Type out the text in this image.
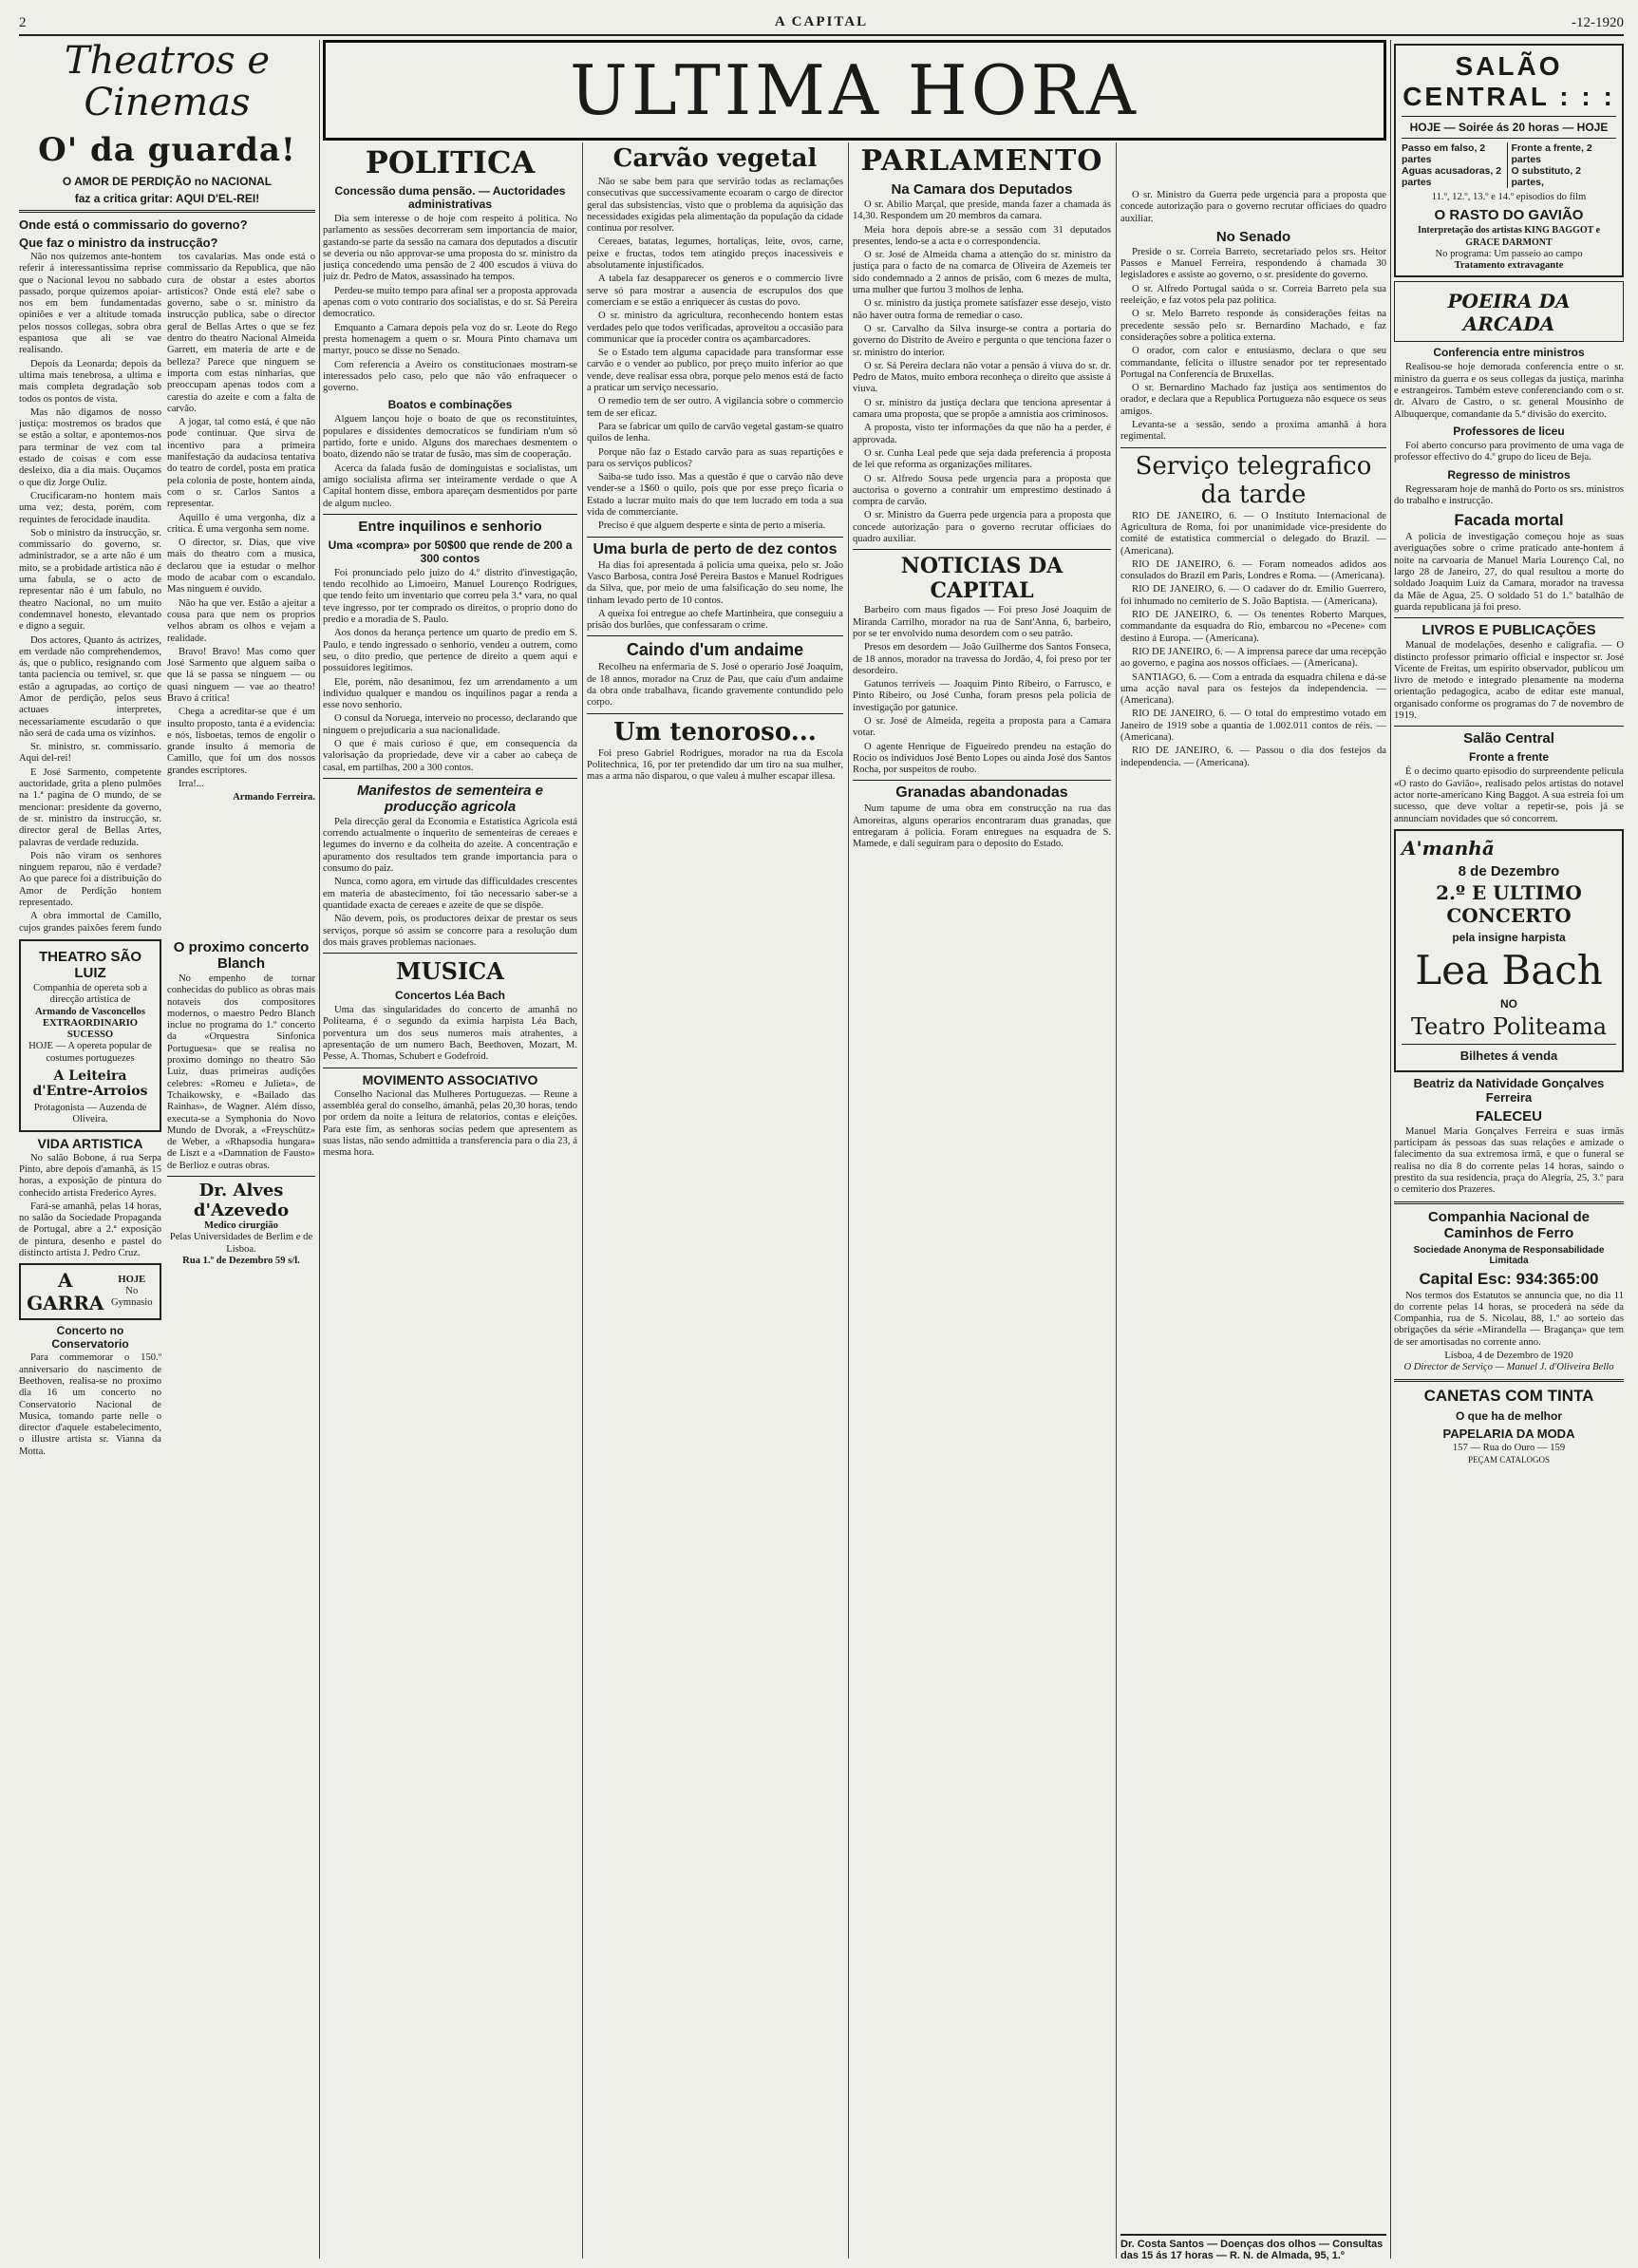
2	A CAPITAL	-12-1920
Theatros e Cinemas
O' da guarda!
O AMOR DE PERDIÇÃO no NACIONAL
faz a critica gritar: AQUI D'EL-REI!
Onde está o commissario do governo?
Que faz o ministro da instrucção?

Não nos quizemos ante-hontem referir á interessantissima reprise que o Nacional levou no sabbado passado, porque quizemos apoiar-nos em bem fundamentadas opiniões e ver a altitude tomada pelos nossos collegas, sobra obra espantosa que ali se vae realisando.

Depois da Leonarda; depois da ultima mais tenebrosa, a ultima e mais completa degradação sob todos os pontos de vista.

Mas não digamos de nosso justiça: mostremos os brados que se estão a soltar, e apontemos-nos para terminar de vez com tal estado de coisas e com esse desleixo, dia a dia mais. Ouçamos o que diz Jorge Ouliz.

Crucificaram-no hontem mais uma vez; desta, porém, com requintes de ferocidade inaudita.

Sob o ministro da instrucção, sr. commissario do governo, sr. administrador, se a arte não é um mito, se a probidade artistica não é uma fabula, se o acto de representar não é um fabulo, no theatro Nacional, no um muito condemnavel honesto, elevantado e digno a seguir.

Dos actores, Quanto ás actrizes, em verdade não comprehendemos, ás, que o publico, resignando com tanta paciencia ou temivel, sr. que estão a agrupadas, ao cortiço de Amor de perdição, pelos seus actuaes interpretes, necessariamente escudarão o que não será de cada uma os vizinhos.

Sr. ministro, sr. commissario. Aqui del-rei!

E José Sarmento, competente auctoridade, grita a pleno pulmões na 1.ª pagina de O mundo, de se mencionar: presidente da governo, de sr. ministro da instrucção, sr. director geral de Bellas Artes, palavras de verdade reduzida.

Pois não viram os senhores ninguem reparou, não é verdade? Ao que parece foi a distribuição do Amor de Perdição hontem representado.

A obra immortal de Camillo, cujos grandes paixões ferem fundo

tos cavalarias. Mas onde está o commissario da Republica, que não cura de obstar a estes abortos artisticos? Onde está ele? sabe o governo, sabe o sr. ministro da instrucção publica, sabe o director geral de Bellas Artes o que se fez dentro do theatro Nacional Almeida Garrett, em materia de arte e de belleza? Parece que ninguem se importa com estas ninharias, que preoccupam apenas todos com a carestia do azeite e com a falta de carvão.

A jogar, tal como está, é que não pode continuar. Que sirva de incentivo para a primeira manifestação da audaciosa tentativa do teatro de cordel, posta em pratica pela colonia de poste, hontem ainda, com o sr. Carlos Santos a representar.

Aquillo é uma vergonha, diz a critica. É uma vergonha sem nome.

O director, sr. Dias, que vive mais do theatro com a musica, declarou que ia estudar o melhor modo de acabar com o escandalo. Mas ninguem é ouvido.

Não ha que ver. Estão a ajeitar a cousa para que nem os proprios velhos abram os olhos e vejam a realidade.

Bravo! Bravo! Mas como quer José Sarmento que alguem saiba o que lá se passa se ninguem — ou quasi ninguem — vae ao theatro! Bravo á critica!

Chega a acreditar-se que é um insulto proposto, tanta é a evidencia: e nós, lisboetas, temos de engolir o grande insulto á memoria de Camillo, que foi um dos nossos grandes escriptores.

Irra!...

Armando Ferreira.

THEATRO SÃO LUIZ
Companhia de opereta sob a direcção artistica de
Armando de Vasconcellos
EXTRAORDINARIO SUCESSO
HOJE — A opereta popular de costumes portuguezes
A Leiteira d'Entre-Arroios
Protagonista — Auzenda de Oliveira.
VIDA ARTISTICA

No salão Bobone, á rua Serpa Pinto, abre depois d'amanhã, ás 15 horas, a exposição de pintura do conhecido artista Frederico Ayres.

Fará-se amanhã, pelas 14 horas, no salão da Sociedade Propaganda de Portugal, abre a 2.ª exposição de pintura, desenho e pastel do distincto artista J. Pedro Cruz.

A GARRA
HOJE
No Gymnasio
Concerto no Conservatorio

Para commemorar o 150.º anniversario do nascimento de Beethoven, realisa-se no proximo dia 16 um concerto no Conservatorio Nacional de Musica, tomando parte nelle o director d'aquele estabelecimento, o illustre artista sr. Vianna da Motta.

O proximo concerto Blanch

No empenho de tornar conhecidas do publico as obras mais notaveis dos compositores modernos, o maestro Pedro Blanch inclue no programa do 1.º concerto da «Orquestra Sinfonica Portuguesa» que se realisa no proximo domingo no theatro São Luiz, duas primeiras audições celebres: «Romeu e Julieta», de Tchaikowsky, e «Bailado das Rainhas», de Wagner. Além disso, executa-se a Symphonia do Novo Mundo de Dvorak, a «Freyschütz» de Weber, a «Rhapsodia hungara» de Liszt e a «Damnation de Fausto» de Berlioz e outras obras.

Dr. Alves d'Azevedo
Medico cirurgião
Pelas Universidades de Berlim e de Lisboa.
Rua 1.º de Dezembro 59 s/l.
ULTIMA HORA
POLITICA
Concessão duma pensão. — Auctoridades administrativas

Dia sem interesse o de hoje com respeito á politica. No parlamento as sessões decorreram sem importancia de maior, gastando-se parte da sessão na camara dos deputados a discutir se deveria ou não approvar-se uma proposta do sr. ministro da justiça concedendo uma pensão de 2 400 escudos á viuva do juiz dr. Pedro de Matos, assassinado ha tempos.

Perdeu-se muito tempo para afinal ser a proposta approvada apenas com o voto contrario dos socialistas, e do sr. Sá Pereira democratico.

Emquanto a Camara depois pela voz do sr. Leote do Rego presta homenagem a quem o sr. Moura Pinto chamava um martyr, pouco se disse no Senado.

Com referencia a Aveiro os constitucionaes mostram-se interessados pelo caso, pelo que não vão enfraquecer o governo.

Boatos e combinações

Alguem lançou hoje o boato de que os reconstituintes, populares e dissidentes democraticos se fundiriam n'um só partido, forte e unido. Alguns dos marechaes desmentem o boato, dizendo não se tratar de fusão, mas sim de cooperação.

Acerca da falada fusão de dominguistas e socialistas, um amigo socialista afirma ser inteiramente verdade o que A Capital hontem disse, embora apareçam desmentidos por parte de algum nucleo.

Entre inquilinos e senhorio
Uma «compra» por 50$00 que rende de 200 a 300 contos

Foi pronunciado pelo juizo do 4.º distrito d'investigação, tendo recolhido ao Limoeiro, Manuel Lourenço Rodrigues, que tendo feito um inventario que correu pela 3.ª vara, no qual teve ingresso, por ter comprado os direitos, o proprio dono do predio e a moradia de S. Paulo.

Aos donos da herança pertence um quarto de predio em S. Paulo, e tendo ingressado o senhorio, vendeu a outrem, como seu, o dito predio, que pertence de direito a quem aqui e possuidores legitimos.

Ele, porém, não desanimou, fez um arrendamento a um individuo qualquer e mandou os inquilinos pagar a renda a esse novo senhorio.

O consul da Noruega, interveio no processo, declarando que ninguem o prejudicaria a sua nacionalidade.

O que é mais curioso é que, em consequencia da valorisação da propriedade, deve vir a caber ao cabeça de casal, em partilhas, 200 a 300 contos.

Manifestos de sementeira e producção agricola

Pela direcção geral da Economia e Estatistica Agricola está correndo actualmente o inquerito de sementeiras de cereaes e legumes do inverno e da colheita do azeite. A concentração e apuramento dos resultados tem grande importancia para o consumo do paiz.

Nunca, como agora, em virtude das difficuldades crescentes em materia de abastecimento, foi tão necessario saber-se a quantidade exacta de cereaes e azeite de que se dispõe.

Não devem, pois, os productores deixar de prestar os seus serviços, porque só assim se concorre para a resolução dum dos mais graves problemas nacionaes.

MUSICA
Concertos Léa Bach

Uma das singularidades do concerto de amanhã no Politeama, é o segundo da eximia harpista Léa Bach, porventura um dos seus numeros mais atrahentes, a apresentação de um numero Bach, Beethoven, Mozart, M. Pesse, A. Thomas, Schubert e Godefroid.

MOVIMENTO ASSOCIATIVO

Conselho Nacional das Mulheres Portuguezas. — Reune a assembléa geral do conselho, ámanhã, pelas 20,30 horas, tendo por ordem da noite a leitura de relatorios, contas e eleições. Para este fim, as senhoras socias pedem que apresentem as suas listas, não sendo admittida a transferencia para o dia 23, á mesma hora.

Carvão vegetal

Não se sabe bem para que servirão todas as reclamações consecutivas que successivamente ecoaram o cargo de director geral das subsistencias, visto que o problema da aquisição das necessidades exigidas pela alimentação da população da cidade continua por resolver.

Cereaes, batatas, legumes, hortaliças, leite, ovos, carne, peixe e fructas, todos tem atingido preços inacessiveis e absolutamente injustificados.

A tabela faz desapparecer os generos e o commercio livre serve só para mostrar a ausencia de escrupulos dos que comerciam e se estão a enriquecer ás custas do povo.

O sr. ministro da agricultura, reconhecendo hontem estas verdades pelo que todos verificadas, aproveitou a occasião para communicar que ia proceder contra os açambarcadores.

Se o Estado tem alguma capacidade para transformar esse carvão e o vender ao publico, por preço muito inferior ao que vende, deve realisar essa obra, porque pelo menos está de facto a praticar um serviço necessario.

O remedio tem de ser outro. A vigilancia sobre o commercio tem de ser eficaz.

Para se fabricar um quilo de carvão vegetal gastam-se quatro quilos de lenha.

Porque não faz o Estado carvão para as suas repartições e para os serviços publicos?

Saiba-se tudo isso. Mas a questão é que o carvão não deve vender-se a 1$60 o quilo, pois que por esse preço ficaria o Estado a lucrar muito mais do que tem lucrado em toda a sua vida de commerciante.

Preciso é que alguem desperte e sinta de perto a miseria.

Uma burla de perto de dez contos

Ha dias foi apresentada á policia uma queixa, pelo sr. João Vasco Barbosa, contra José Pereira Bastos e Manuel Rodrigues da Silva, que, por meio de uma falsificação do seu nome, lhe tinham levado perto de 10 contos.

A queixa foi entregue ao chefe Martinheira, que conseguiu a prisão dos burlões, que confessaram o crime.

Caindo d'um andaime

Recolheu na enfermaria de S. José o operario José Joaquim, de 18 annos, morador na Cruz de Pau, que caíu d'um andaime da obra onde trabalhava, ficando gravemente contundido pelo corpo.

Um tenoroso...

Foi preso Gabriel Rodrigues, morador na rua da Escola Politechnica, 16, por ter pretendido dar um tiro na sua mulher, mas a arma não disparou, o que valeu á mulher escapar illesa.

PARLAMENTO
Na Camara dos Deputados

O sr. Abilio Marçal, que preside, manda fazer a chamada ás 14,30. Respondem um 20 membros da camara.

Meia hora depois abre-se a sessão com 31 deputados presentes, lendo-se a acta e o correspondencia.

O sr. José de Almeida chama a attenção do sr. ministro da justiça para o facto de na comarca de Oliveira de Azemeis ter sido condemnado a 2 annos de prisão, com 6 mezes de multa, uma mulher que furtou 3 molhos de lenha.

O sr. ministro da justiça promete satisfazer esse desejo, visto não haver outra forma de remediar o caso.

O sr. Carvalho da Silva insurge-se contra a portaria do governo do Distrito de Aveiro e pergunta o que tenciona fazer o sr. ministro do interior.

O sr. Sá Pereira declara não votar a pensão á viuva do sr. dr. Pedro de Matos, muito embora reconheça o direito que assiste á viuva.

O sr. ministro da justiça declara que tenciona apresentar á camara uma proposta, que se propõe a amnistia aos criminosos.

A proposta, visto ter informações da que não ha a perder, é approvada.

O sr. Cunha Leal pede que seja dada preferencia á proposta de lei que reforma as organizações militares.

O sr. Alfredo Sousa pede urgencia para a proposta que auctorisa o governo a contrahir um emprestimo destinado á compra de carvão.

O sr. Ministro da Guerra pede urgencia para a proposta que concede autorização para o governo recrutar officiaes do quadro auxiliar.

NOTICIAS DA CAPITAL

Barbeiro com maus figados — Foi preso José Joaquim de Miranda Carrilho, morador na rua de Sant'Anna, 6, barbeiro, por se ter envolvido numa desordem com o seu patrão.

Presos em desordem — João Guilherme dos Santos Fonseca, de 18 annos, morador na travessa do Jordão, 4, foi preso por ter desordeiro.

Gatunos terriveis — Joaquim Pinto Ribeiro, o Farrusco, e Pinto Ribeiro, ou José Cunha, foram presos pela policia de investigação por gatunice.

O sr. José de Almeida, regeita a proposta para a Camara votar.

O agente Henrique de Figueiredo prendeu na estação do Rocio os individuos José Bento Lopes ou ainda José dos Santos Rocha, por suspeitos de roubo.

Granadas abandonadas

Num tapume de uma obra em construcção na rua das Amoreiras, alguns operarios encontraram duas granadas, que entregaram á policia. Foram entregues na esquadra de S. Mamede, e dali seguiram para o deposito do Estado.

O sr. Ministro da Guerra pede urgencia para a proposta que concede autorização para o governo recrutar officiaes do quadro auxiliar.

No Senado

Preside o sr. Correia Barreto, secretariado pelos srs. Heitor Passos e Manuel Ferreira, respondendo á chamada 30 legisladores e assiste ao governo, o sr. presidente do governo.

O sr. Alfredo Portugal saúda o sr. Correia Barreto pela sua reeleição, e faz votos pela paz politica.

O sr. Melo Barreto responde ás considerações feitas na precedente sessão pelo sr. Bernardino Machado, e faz considerações sobre a politica externa.

O orador, com calor e entusiasmo, declara o que seu commandante, felicita o illustre senador por ter representado Portugal na Conferencia de Bruxellas.

O sr. Bernardino Machado faz justiça aos sentimentos do orador, e declara que a Republica Portugueza não esquece os seus amigos.

Levanta-se a sessão, sendo a proxima amanhã á hora regimental.

Serviço telegrafico da tarde

RIO DE JANEIRO, 6. — O Instituto Internacional de Agricultura de Roma, foi por unanimidade vice-presidente do comité de estatistica commercial o delegado do Brazil. — (Americana).

RIO DE JANEIRO, 6. — Foram nomeados adidos aos consulados do Brazil em Paris, Londres e Roma. — (Americana).

RIO DE JANEIRO, 6. — O cadaver do dr. Emilio Guerrero, foi inhumado no cemiterio de S. João Baptista. — (Americana).

RIO DE JANEIRO, 6. — Os tenentes Roberto Marques, commandante da esquadra do Rio, embarcou no «Pecene» com destino á Europa. — (Americana).

RIO DE JANEIRO, 6. — A imprensa parece dar uma recepção ao governo, e pagina aos nossos officiaes. — (Americana).

SANTIAGO, 6. — Com a entrada da esquadra chilena e dá-se uma acção naval para os festejos da independencia. — (Americana).

RIO DE JANEIRO, 6. — O total do emprestimo votado em Janeiro de 1919 sobe a quantia de 1.002.011 contos de réis. — (Americana).

RIO DE JANEIRO, 6. — Passou o dia dos festejos da independencia. — (Americana).

SALÃO CENTRAL : : :
HOJE — Soirée ás 20 horas — HOJE
Passo em falso, 2 partes
Aguas acusadoras, 2 partes
Fronte a frente, 2 partes
O substituto, 2 partes,
11.º, 12.º, 13.º e 14.º episodios do film
O RASTO DO GAVIÃO
Interpretação dos artistas KING BAGGOT e GRACE DARMONT
No programa: Um passeio ao campo
Tratamento extravagante
POEIRA DA ARCADA
Conferencia entre ministros

Realisou-se hoje demorada conferencia entre o sr. ministro da guerra e os seus collegas da justiça, marinha e estrangeiros. Também esteve conferenciando com o sr. dr. Alvaro de Castro, o sr. general Mousinho de Albuquerque, comandante da 5.ª divisão do exercito.

Professores de liceu

Foi aberto concurso para provimento de uma vaga de professor effectivo do 4.º grupo do liceu de Beja.

Regresso de ministros

Regressaram hoje de manhã do Porto os srs. ministros do trabalho e instrucção.

Facada mortal

A policia de investigação começou hoje as suas averiguações sobre o crime praticado ante-hontem á noite na carvoaria de Manuel Maria Lourenço Cal, no largo 28 de Janeiro, 27, do qual resultou a morte do soldado Joaquim Luiz da Camara, morador na travessa da Mãe de Agua, 25. O soldado 51 do 1.º batalhão de guarda republicana já foi preso.

LIVROS E PUBLICAÇÕES

Manual de modelações, desenho e caligrafia. — O distincto professor primario official e inspector sr. José Vicente de Freitas, um espirito observador, publicou um livro de metodo e integrado plenamente na moderna orientação pedagogica, acabo de editar este manual, organisado conforme os programas do 7 de novembro de 1919.

Salão Central
Fronte a frente

É o decimo quarto episodio do surpreendente pelicula «O rasto do Gavião», realisado pelos artistas do notavel actor norte-americano King Baggot. A sua estreia foi um sucesso, que deve voltar a repetir-se, pois já se annunciam novidades que só concorrem.

A'manhã
8 de Dezembro
2.º E ULTIMO CONCERTO
pela insigne harpista
Lea Bach
NO
Teatro Politeama
Bilhetes á venda
Beatriz da Natividade Gonçalves Ferreira
FALECEU

Manuel Maria Gonçalves Ferreira e suas irmãs participam ás pessoas das suas relações e amizade o falecimento da sua extremosa irmã, e que o funeral se realisa no dia 8 do corrente pelas 14 horas, saindo o prestito da sua residencia, praça do Alegria, 25, 3.º para o cemiterio dos Prazeres.

Companhia Nacional de Caminhos de Ferro
Sociedade Anonyma de Responsabilidade Limitada
Capital Esc: 934:365:00

Nos termos dos Estatutos se annuncia que, no dia 11 do corrente pelas 14 horas, se procederá na séde da Companhia, rua de S. Nicolau, 88, 1.º ao sorteio das obrigações da série «Mirandella — Bragança» que tem de ser amortisadas no corrente anno.

Lisboa, 4 de Dezembro de 1920
O Director de Serviço — Manuel J. d'Oliveira Bello
CANETAS COM TINTA
O que ha de melhor
PAPELARIA DA MODA
157 — Rua do Ouro — 159
PEÇAM CATALOGOS
Dr. Costa Santos — Doenças dos olhos — Consultas das 15 ás 17 horas — R. N. de Almada, 95, 1.º
